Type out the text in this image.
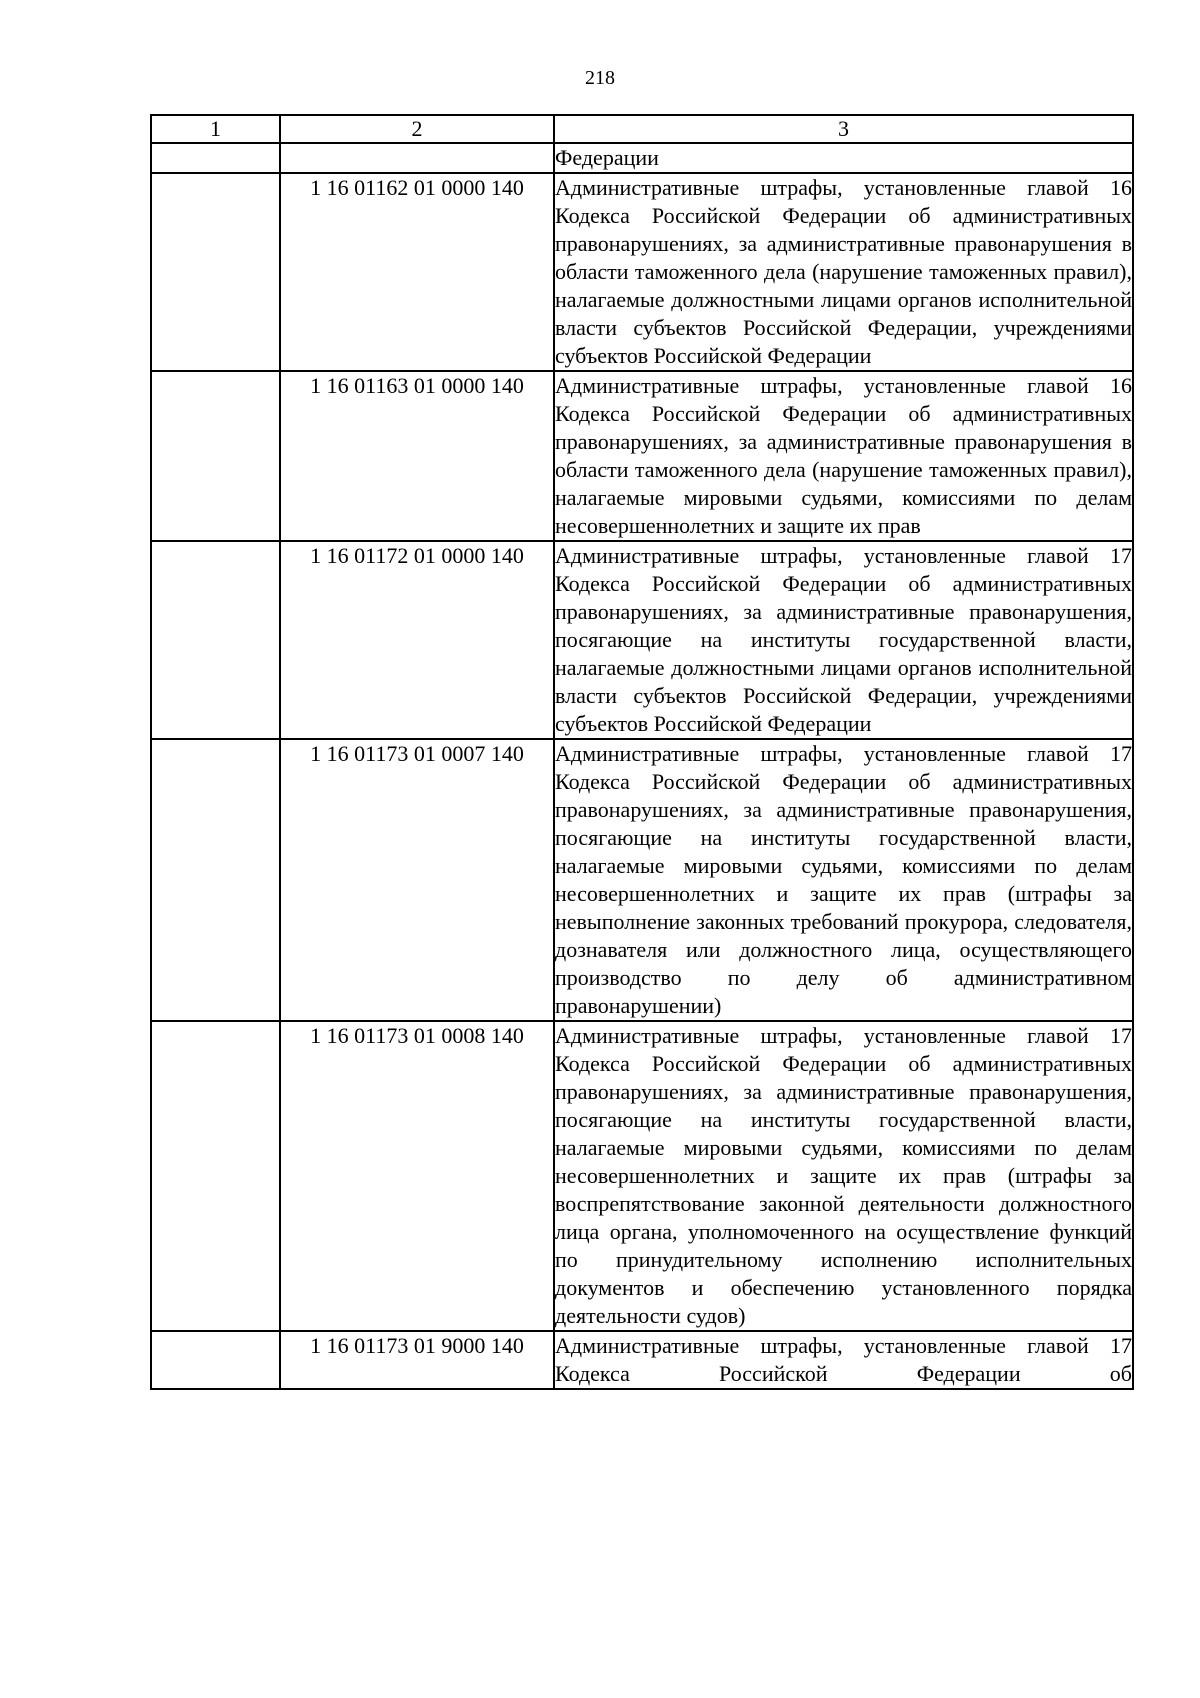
218
1	2	3
		Федерации
	1 16 01162 01 0000 140	Административные штрафы, установленные главой 16 Кодекса Российской Федерации об административных правонарушениях, за административные правонарушения в области таможенного дела (нарушение таможенных правил), налагаемые должностными лицами органов исполнительной власти субъектов Российской Федерации, учреждениями субъектов Российской Федерации
	1 16 01163 01 0000 140	Административные штрафы, установленные главой 16 Кодекса Российской Федерации об административных правонарушениях, за административные правонарушения в области таможенного дела (нарушение таможенных правил), налагаемые мировыми судьями, комиссиями по делам несовершеннолетних и защите их прав
	1 16 01172 01 0000 140	Административные штрафы, установленные главой 17 Кодекса Российской Федерации об административных правонарушениях, за административные правонарушения, посягающие на институты государственной власти, налагаемые должностными лицами органов исполнительной власти субъектов Российской Федерации, учреждениями субъектов Российской Федерации
	1 16 01173 01 0007 140	Административные штрафы, установленные главой 17 Кодекса Российской Федерации об административных правонарушениях, за административные правонарушения, посягающие на институты государственной власти, налагаемые мировыми судьями, комиссиями по делам несовершеннолетних и защите их прав (штрафы за невыполнение законных требований прокурора, следователя, дознавателя или должностного лица, осуществляющего производство по делу об административном правонарушении)
	1 16 01173 01 0008 140	Административные штрафы, установленные главой 17 Кодекса Российской Федерации об административных правонарушениях, за административные правонарушения, посягающие на институты государственной власти, налагаемые мировыми судьями, комиссиями по делам несовершеннолетних и защите их прав (штрафы за воспрепятствование законной деятельности должностного лица органа, уполномоченного на осуществление функций по принудительному исполнению исполнительных документов и обеспечению установленного порядка деятельности судов)
	1 16 01173 01 9000 140	Административные штрафы, установленные главой 17 Кодекса Российской Федерации об
